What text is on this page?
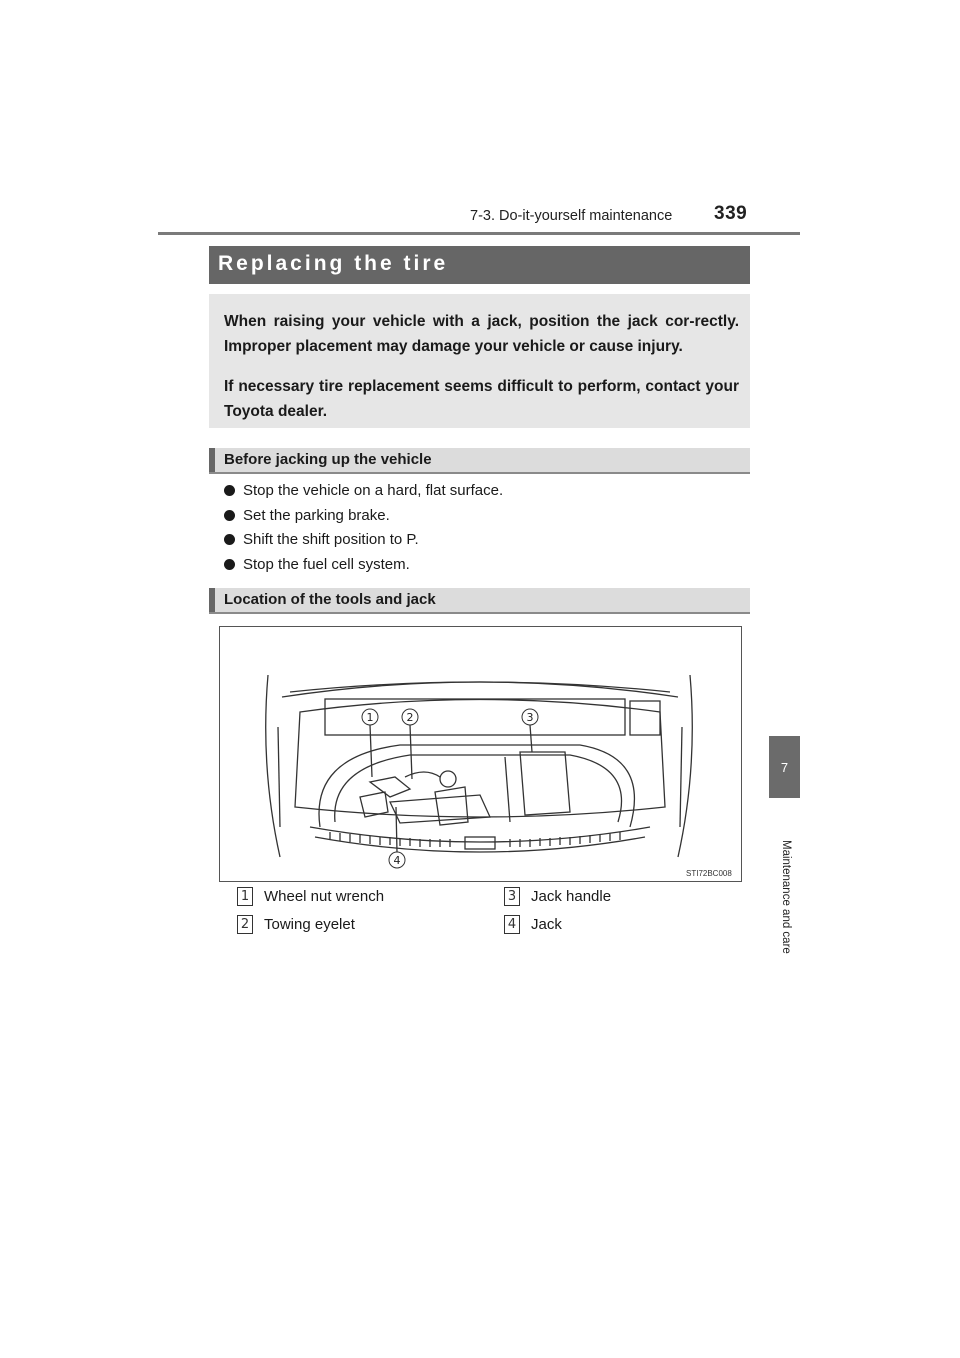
7-3. Do-it-yourself maintenance 339
7
Maintenance and care
Replacing the tire
When raising your vehicle with a jack, position the jack cor-rectly. Improper placement may damage your vehicle or cause injury.
If necessary tire replacement seems difficult to perform, contact your Toyota dealer.
Before jacking up the vehicle
Stop the vehicle on a hard, flat surface.
Set the parking brake.
Shift the shift position to P.
Stop the fuel cell system.
Location of the tools and jack
1	2	3
4
STI72BC008
1 Wheel nut wrench
2 Towing eyelet
3 Jack handle
4 Jack
